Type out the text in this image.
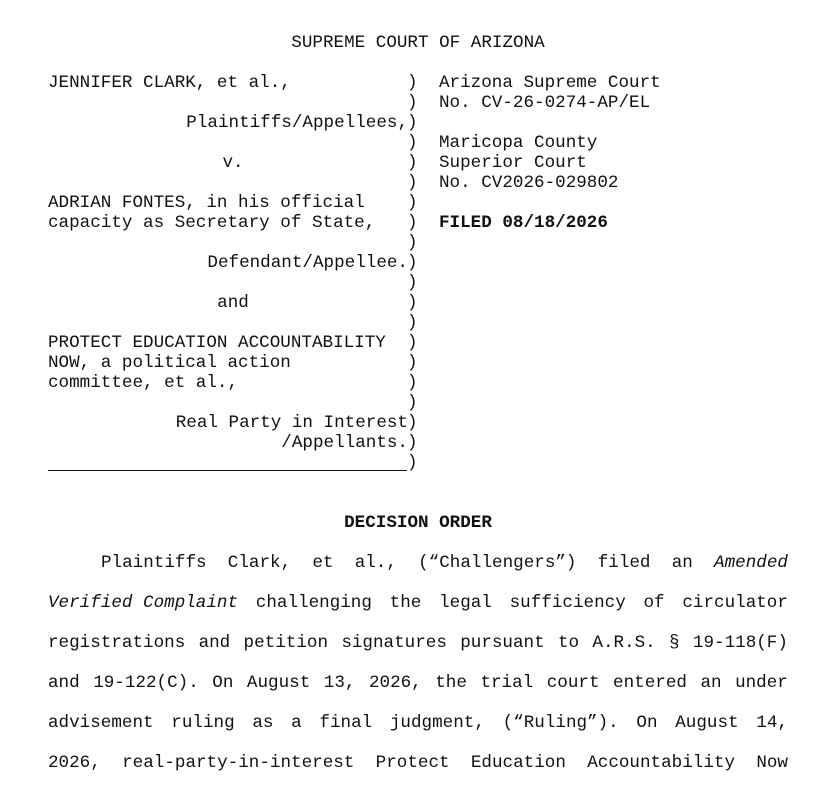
SUPREME COURT OF ARIZONA
JENNIFER CLARK, et al.,
Plaintiffs/Appellees,
v.
ADRIAN FONTES, in his official
capacity as Secretary of State,
Defendant/Appellee.
and
PROTECT EDUCATION ACCOUNTABILITY
NOW, a political action
committee, et al.,
Real Party in Interest
/Appellants.
)
)
)
)
)
)
)
)
)
)
)
)
)
)
)
)
)
)
)
)
Arizona Supreme Court
No. CV-26-0274-AP/EL
Maricopa County
Superior Court
No. CV2026-029802
FILED 08/18/2026
DECISION ORDER
Plaintiffs Clark, et al., (“Challengers”) filed an Amended
Verified Complaint challenging the legal sufficiency of circulator
registrations and petition signatures pursuant to A.R.S. § 19-118(F)
and 19-122(C). On August 13, 2026, the trial court entered an under
advisement ruling as a final judgment, (“Ruling”). On August 14,
2026, real-party-in-interest Protect Education Accountability Now
